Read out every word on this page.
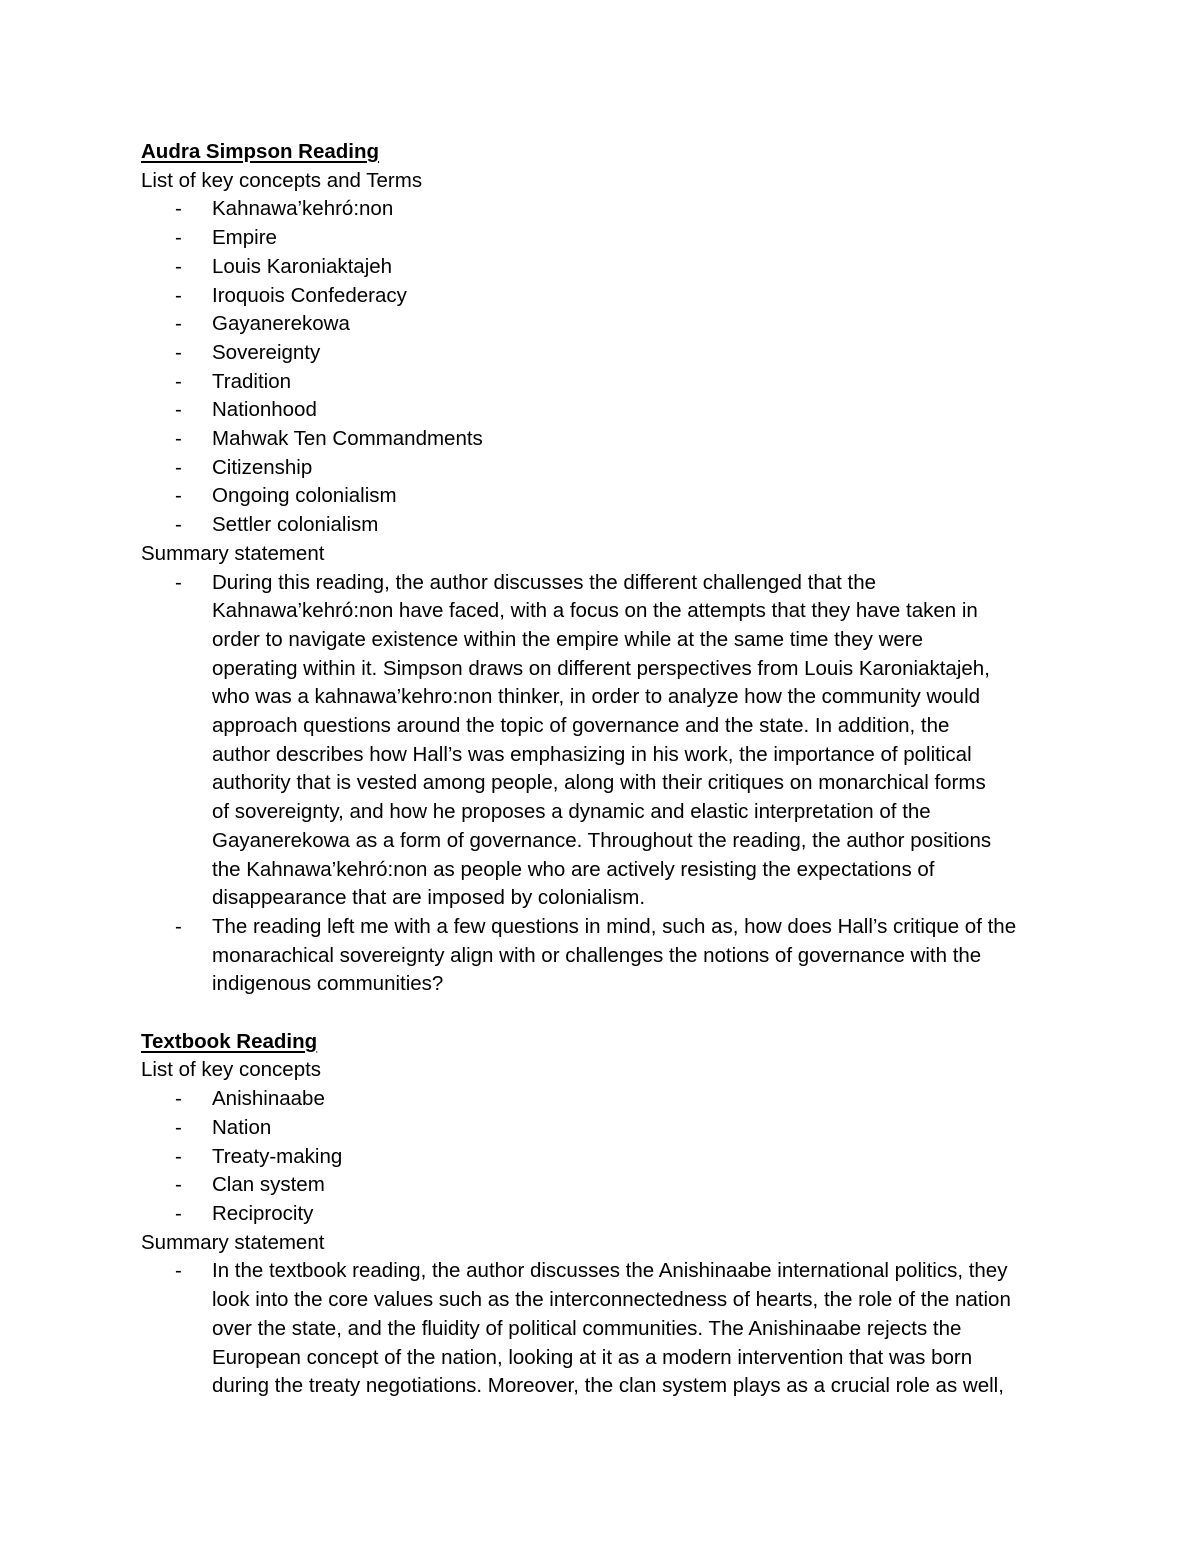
Audra Simpson Reading

List of key concepts and Terms

- Kahnawa’kehró:non
- Empire
- Louis Karoniaktajeh
- Iroquois Confederacy
- Gayanerekowa
- Sovereignty
- Tradition
- Nationhood
- Mahwak Ten Commandments
- Citizenship
- Ongoing colonialism
- Settler colonialism

Summary statement

- During this reading, the author discusses the different challenged that the
Kahnawa’kehró:non have faced, with a focus on the attempts that they have taken in
order to navigate existence within the empire while at the same time they were
operating within it. Simpson draws on different perspectives from Louis Karoniaktajeh,
who was a kahnawa’kehro:non thinker, in order to analyze how the community would
approach questions around the topic of governance and the state. In addition, the
author describes how Hall’s was emphasizing in his work, the importance of political
authority that is vested among people, along with their critiques on monarchical forms
of sovereignty, and how he proposes a dynamic and elastic interpretation of the
Gayanerekowa as a form of governance. Throughout the reading, the author positions
the Kahnawa’kehró:non as people who are actively resisting the expectations of
disappearance that are imposed by colonialism.
- The reading left me with a few questions in mind, such as, how does Hall’s critique of the
monarachical sovereignty align with or challenges the notions of governance with the
indigenous communities?

Textbook Reading

List of key concepts

- Anishinaabe
- Nation
- Treaty-making
- Clan system
- Reciprocity

Summary statement

- In the textbook reading, the author discusses the Anishinaabe international politics, they
look into the core values such as the interconnectedness of hearts, the role of the nation
over the state, and the fluidity of political communities. The Anishinaabe rejects the
European concept of the nation, looking at it as a modern intervention that was born
during the treaty negotiations. Moreover, the clan system plays as a crucial role as well,
